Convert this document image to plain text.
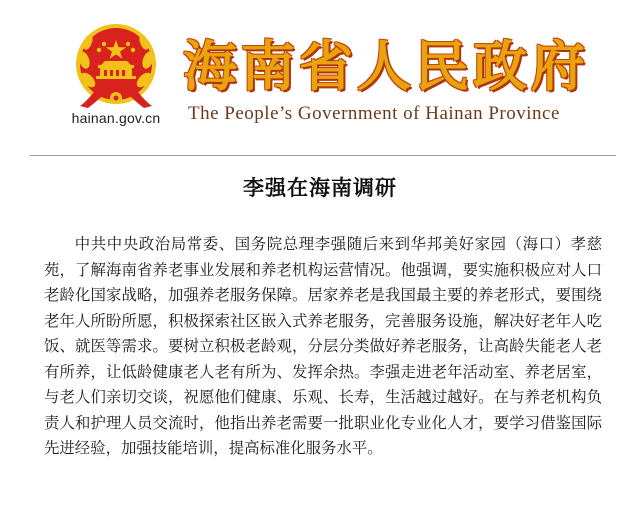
hainan.gov.cn
海南省人民政府
The People’s Government of Hainan Province
李强在海南调研

中共中央政治局常委、国务院总理李强随后来到华邦美好家园（海口）孝慈苑，了解海南省养老事业发展和养老机构运营情况。他强调，要实施积极应对人口老龄化国家战略，加强养老服务保障。居家养老是我国最主要的养老形式，要围绕老年人所盼所愿，积极探索社区嵌入式养老服务，完善服务设施，解决好老年人吃饭、就医等需求。要树立积极老龄观，分层分类做好养老服务，让高龄失能老人老有所养，让低龄健康老人老有所为、发挥余热。李强走进老年活动室、养老居室，与老人们亲切交谈，祝愿他们健康、乐观、长寿，生活越过越好。在与养老机构负责人和护理人员交流时，他指出养老需要一批职业化专业化人才，要学习借鉴国际先进经验，加强技能培训，提高标准化服务水平。
